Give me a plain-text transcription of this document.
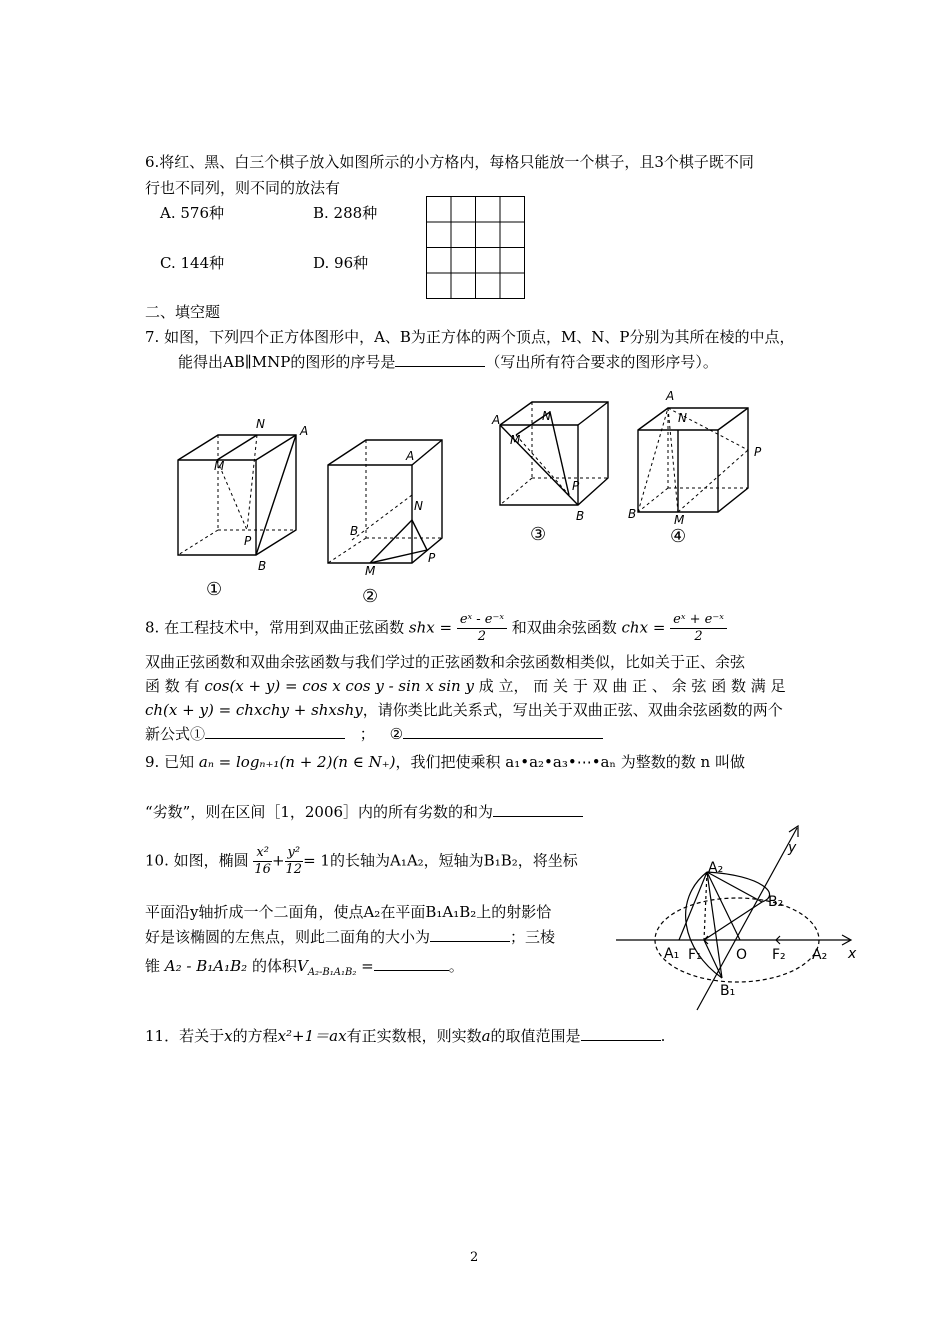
6.将红、黑、白三个棋子放入如图所示的小方格内，每格只能放一个棋子，且3个棋子既不同
行也不同列，则不同的放法有
A. 576种	B. 288种
C. 144种	D. 96种
二、填空题
7. 如图，下列四个正方体图形中，A、B为正方体的两个顶点，M、N、P分别为其所在棱的中点，
能得出AB∥MNP的图形的序号是	（写出所有符合要求的图形序号）。
M
N	A
P
B
①
A
N
B
P
M
②
A	N
M
P
B
③
A
N
P
B	M
④
8. 在工程技术中，常用到双曲正弦函数 shx = $\frac{\text{eˣ - e⁻ˣ}}{2}$ 和双曲余弦函数 chx = $\frac{\text{eˣ + e⁻ˣ}}{2}$
双曲正弦函数和双曲余弦函数与我们学过的正弦函数和余弦函数相类似，比如关于正、余弦
函 数 有 cos(x + y) = cos x cos y - sin x sin y 成 立， 而 关 于 双 曲 正 、 余 弦 函 数 满 足
ch(x + y) = chxchy + shxshy，请你类比此关系式，写出关于双曲正弦、双曲余弦函数的两个
新公式①	； ②
9. 已知 aₙ = logₙ₊₁(n + 2)(n ∈ N₊)，我们把使乘积 a₁•a₂•a₃•⋯•aₙ 为整数的数 n 叫做
“劣数”，则在区间［1，2006］内的所有劣数的和为
10. 如图，椭圆 $\frac{\text{x²}}{16} + \frac{\text{y²}}{12} = 1$的长轴为A₁A₂，短轴为B₁B₂，将坐标
平面沿y轴折成一个二面角，使点A₂在平面B₁A₁B₂上的射影恰
好是该椭圆的左焦点，则此二面角的大小为	；三棱
锥 A₂ - B₁A₁B₂ 的体积$V_{A_2-B_1A_1B_2}$ =	。
y
x
A₂
B₂
A₁ F₁ O F₂ A₂
B₁
11．若关于x的方程x²+1＝ax有正实数根，则实数a的取值范围是	.
2
